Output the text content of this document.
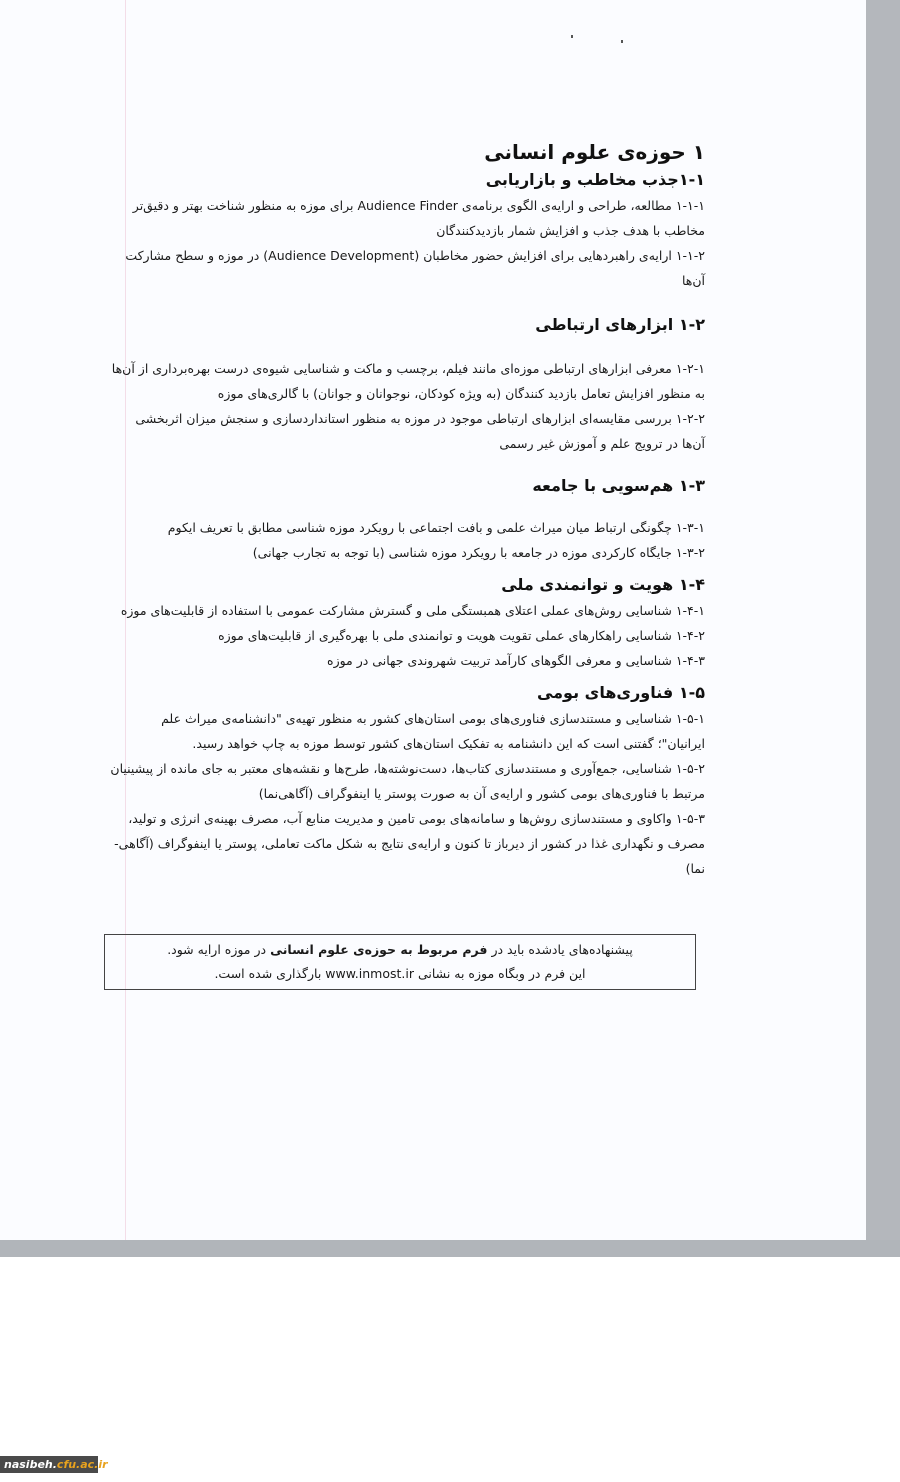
۱ حوزه‌ی علوم انسانی
۱-۱جذب مخاطب و بازاریابی

۱-۱-۱ مطالعه، طراحی و ارایه‌ی الگوی برنامه‌ی Audience Finder برای موزه به منظور شناخت بهتر و دقیق‌تر مخاطب با هدف جذب و افزایش شمار بازدیدکنندگان

۱-۱-۲ ارایه‌ی راهبردهایی برای افزایش حضور مخاطبان (Audience Development) در موزه و سطح مشارکت آن‌ها

۱-۲ ابزارهای ارتباطی

۱-۲-۱ معرفی ابزارهای ارتباطی موزه‌ای مانند فیلم، برچسب و ماکت و شناسایی شیوه‌ی درست بهره‌برداری از آن‌ها به منظور افزایش تعامل بازدید کنندگان (به ویژه کودکان، نوجوانان و جوانان) با گالری‌های موزه

۱-۲-۲ بررسی مقایسه‌ای ابزارهای ارتباطی موجود در موزه به منظور استانداردسازی و سنجش میزان اثربخشی آن‌ها در ترویج علم و آموزش غیر رسمی

۱-۳ هم‌سویی با جامعه

۱-۳-۱ چگونگی ارتباط میان میراث علمی و بافت اجتماعی با رویکرد موزه شناسی مطابق با تعریف ایکوم

۱-۳-۲ جایگاه کارکردی موزه در جامعه با رویکرد موزه شناسی (با توجه به تجارب جهانی)

۱-۴ هویت و توانمندی ملی

۱-۴-۱ شناسایی روش‌های عملی اعتلای همبستگی ملی و گسترش مشارکت عمومی با استفاده از قابلیت‌های موزه

۱-۴-۲ شناسایی راهکارهای عملی تقویت هویت و توانمندی ملی با بهره‌گیری از قابلیت‌های موزه

۱-۴-۳ شناسایی و معرفی الگوهای کارآمد تربیت شهروندی جهانی در موزه

۱-۵ فناوری‌های بومی

۱-۵-۱ شناسایی و مستندسازی فناوری‌های بومی استان‌های کشور به منظور تهیه‌ی "دانشنامه‌ی میراث علم ایرانیان"؛ گفتنی است که این دانشنامه به تفکیک استان‌های کشور توسط موزه به چاپ خواهد رسید.

۱-۵-۲ شناسایی، جمع‌آوری و مستندسازی کتاب‌ها، دست‌نوشته‌ها، طرح‌ها و نقشه‌های معتبر به جای مانده از پیشینیان مرتبط با فناوری‌های بومی کشور و ارایه‌ی آن به صورت پوستر یا اینفوگراف (آگاهی‌نما)

۱-۵-۳ واکاوی و مستندسازی روش‌ها و سامانه‌های بومی تامین و مدیریت منابع آب، مصرف بهینه‌ی انرژی و تولید، مصرف و نگهداری غذا در کشور از دیرباز تا کنون و ارایه‌ی نتایج به شکل ماکت تعاملی، پوستر یا اینفوگراف (آگاهی-نما)

پیشنهاده‌های یادشده باید در فرم مربوط به حوزه‌ی علوم انسانی در موزه ارایه شود.
این فرم در وبگاه موزه به نشانی www.inmost.ir بارگذاری شده است.
nasibeh.cfu.ac.ir
